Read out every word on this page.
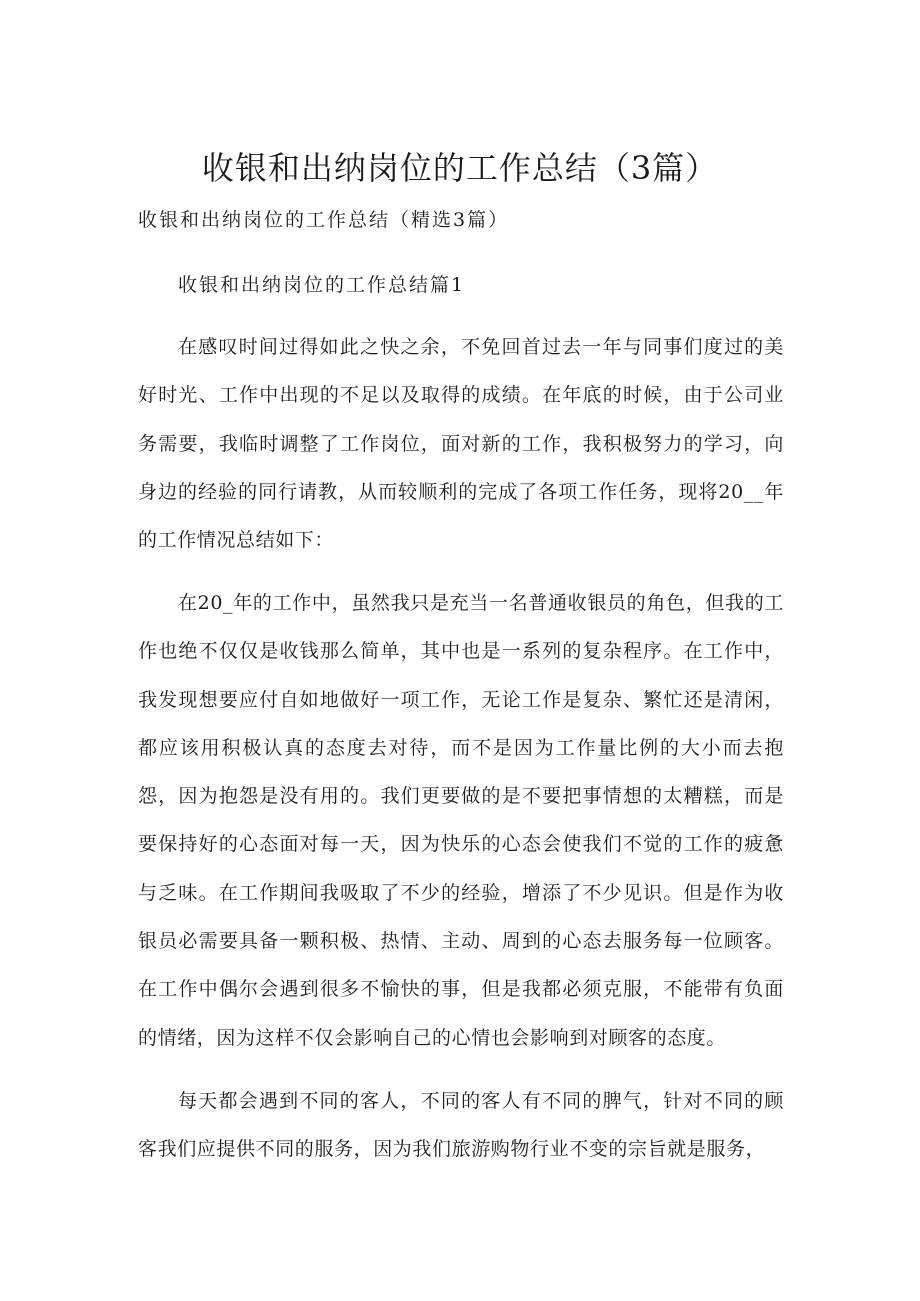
收银和出纳岗位的工作总结（3篇）

收银和出纳岗位的工作总结（精选3篇）

收银和出纳岗位的工作总结篇1

在感叹时间过得如此之快之余，不免回首过去一年与同事们度过的美好时光、工作中出现的不足以及取得的成绩。在年底的时候，由于公司业务需要，我临时调整了工作岗位，面对新的工作，我积极努力的学习，向身边的经验的同行请教，从而较顺利的完成了各项工作任务，现将20__年的工作情况总结如下：

在20_年的工作中，虽然我只是充当一名普通收银员的角色，但我的工作也绝不仅仅是收钱那么简单，其中也是一系列的复杂程序。在工作中，我发现想要应付自如地做好一项工作，无论工作是复杂、繁忙还是清闲，都应该用积极认真的态度去对待，而不是因为工作量比例的大小而去抱怨，因为抱怨是没有用的。我们更要做的是不要把事情想的太糟糕，而是要保持好的心态面对每一天，因为快乐的心态会使我们不觉的工作的疲惫与乏味。在工作期间我吸取了不少的经验，增添了不少见识。但是作为收银员必需要具备一颗积极、热情、主动、周到的心态去服务每一位顾客。在工作中偶尔会遇到很多不愉快的事，但是我都必须克服，不能带有负面的情绪，因为这样不仅会影响自己的心情也会影响到对顾客的态度。

每天都会遇到不同的客人，不同的客人有不同的脾气，针对不同的顾客我们应提供不同的服务，因为我们旅游购物行业不变的宗旨就是服务，
